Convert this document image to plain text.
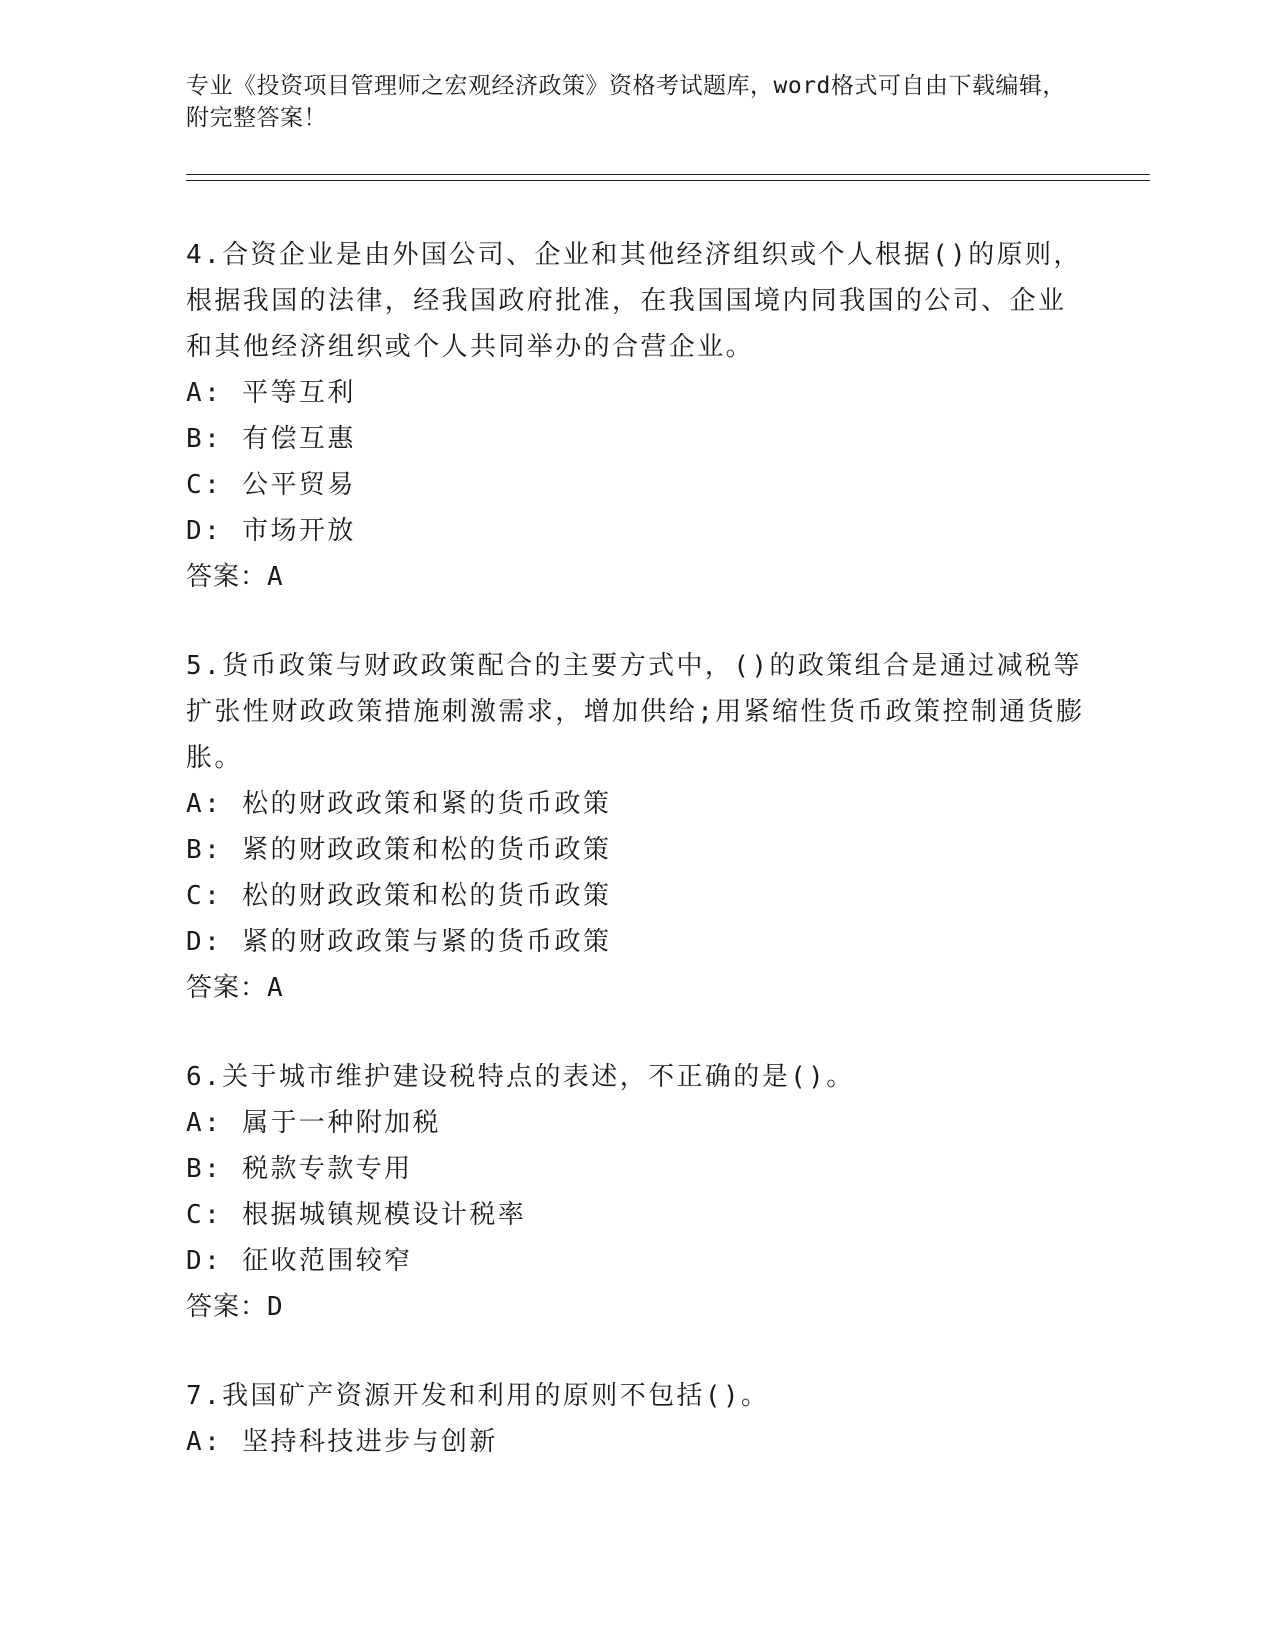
专业《投资项目管理师之宏观经济政策》资格考试题库，word格式可自由下载编辑，附完整答案！

4.合资企业是由外国公司、企业和其他经济组织或个人根据()的原则，根据我国的法律，经我国政府批准，在我国国境内同我国的公司、企业和其他经济组织或个人共同举办的合营企业。

A: 平等互利

B: 有偿互惠

C: 公平贸易

D: 市场开放

答案：A

5.货币政策与财政政策配合的主要方式中，()的政策组合是通过减税等扩张性财政政策措施刺激需求，增加供给;用紧缩性货币政策控制通货膨胀。

A: 松的财政政策和紧的货币政策

B: 紧的财政政策和松的货币政策

C: 松的财政政策和松的货币政策

D: 紧的财政政策与紧的货币政策

答案：A

6.关于城市维护建设税特点的表述，不正确的是()。

A: 属于一种附加税

B: 税款专款专用

C: 根据城镇规模设计税率

D: 征收范围较窄

答案：D

7.我国矿产资源开发和利用的原则不包括()。

A: 坚持科技进步与创新
